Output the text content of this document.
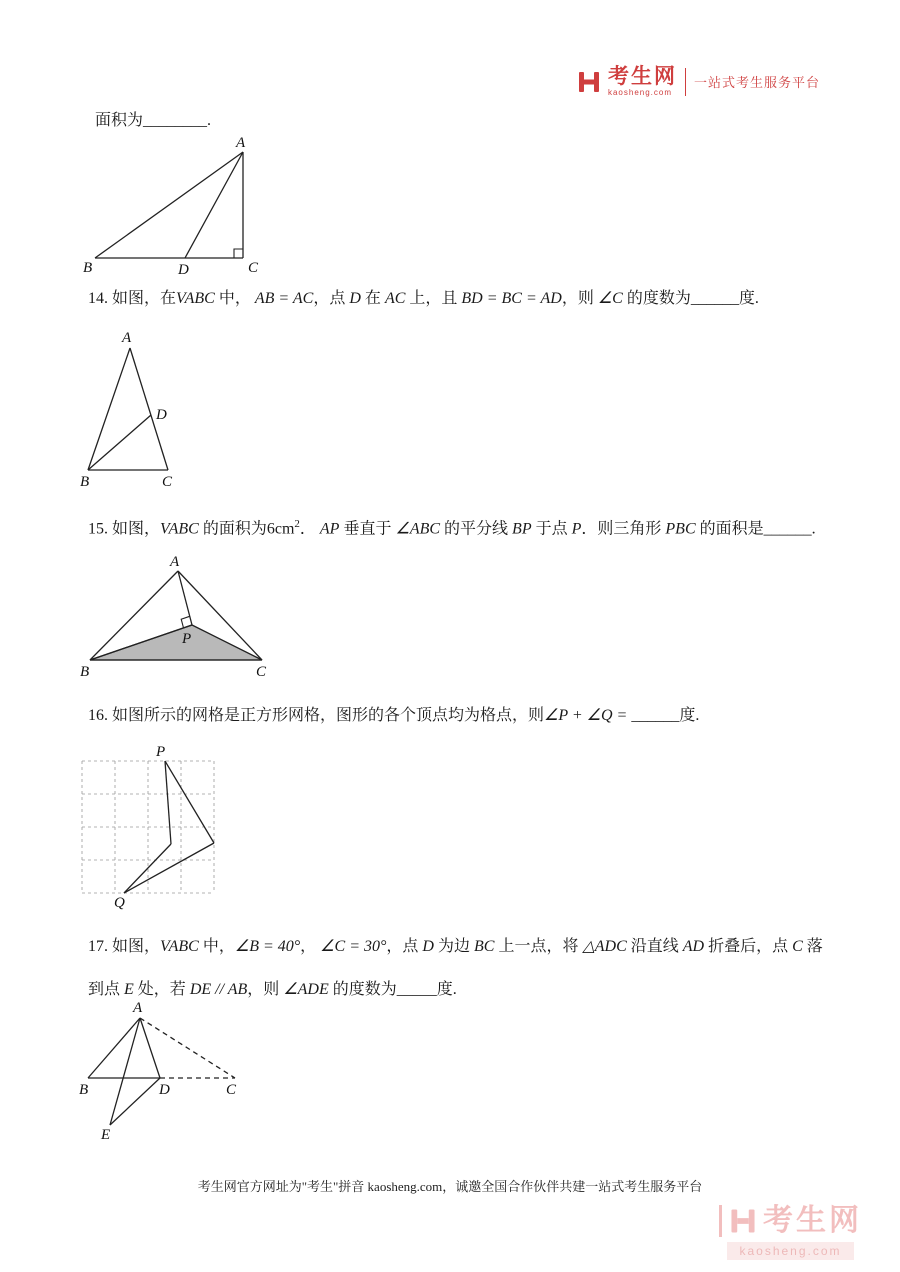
考生网
kaosheng.com
一站式考生服务平台
面积为________.
A
B	C
D
14. 如图，在VABC 中， AB = AC，点 D 在 AC 上，且 BD = BC = AD，则 ∠C 的度数为______度.
A
B	C
D
15. 如图，VABC 的面积为$6cm^2$． AP 垂直于 ∠ABC 的平分线 BP 于点 P．则三角形 PBC 的面积是______.
A
B	C
P
16. 如图所示的网格是正方形网格，图形的各个顶点均为格点，则∠P + ∠Q = ______度.
P
Q
17. 如图，VABC 中，∠B = 40°， ∠C = 30°，点 D 为边 BC 上一点，将 △ADC 沿直线 AD 折叠后，点 C 落到点 E 处，若 DE // AB，则 ∠ADE 的度数为_____度.
A
B	D	C
E
考生网官方网址为"考生"拼音 kaosheng.com，诚邀全国合作伙伴共建一站式考生服务平台
考生网
kaosheng.com
